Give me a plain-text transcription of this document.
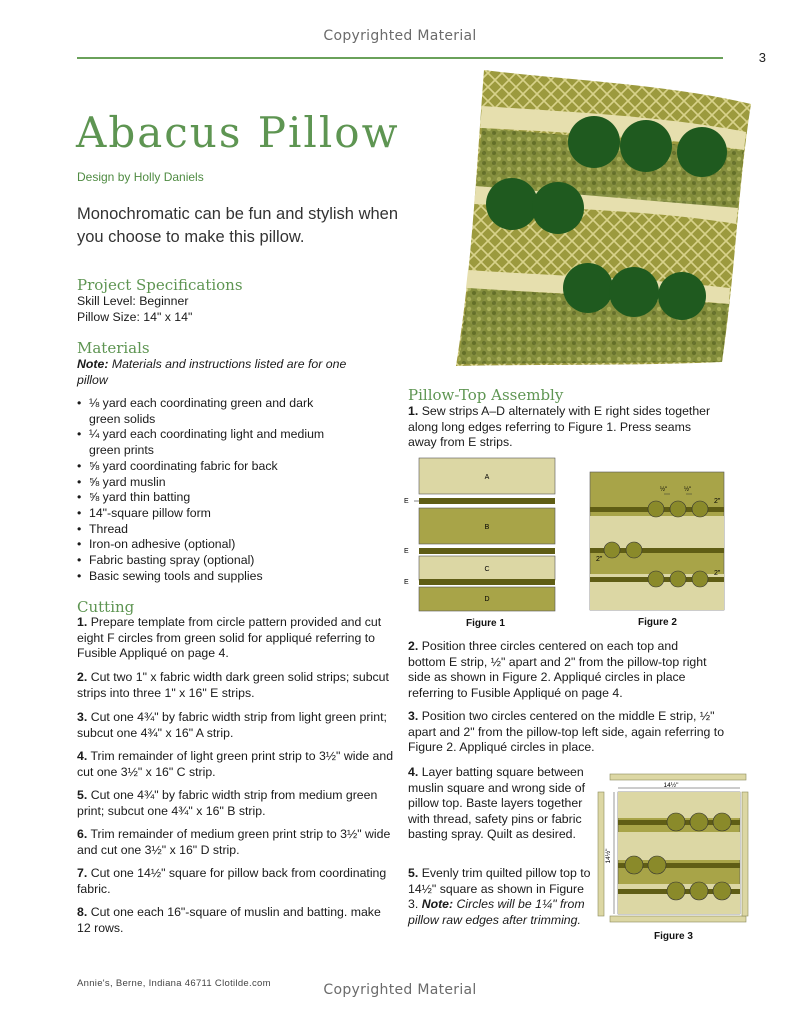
Copyrighted Material
3
Abacus Pillow
Design by Holly Daniels
Monochromatic can be fun and stylish when you choose to make this pillow.
Project Specifications
Skill Level: Beginner
Pillow Size: 14" x 14"
Materials
Note: Materials and instructions listed are for one pillow
• ⅛ yard each coordinating green and dark green solids
• ¼ yard each coordinating light and medium green prints
• ⅝ yard coordinating fabric for back
• ⅝ yard muslin
• ⅝ yard thin batting
• 14"-square pillow form
• Thread
• Iron-on adhesive (optional)
• Fabric basting spray (optional)
• Basic sewing tools and supplies
Cutting
1. Prepare template from circle pattern provided and cut eight F circles from green solid for appliqué referring to Fusible Appliqué on page 4.
2. Cut two 1" x fabric width dark green solid strips; subcut strips into three 1" x 16" E strips.
3. Cut one 4¾" by fabric width strip from light green print; subcut one 4¾" x 16" A strip.
4. Trim remainder of light green print strip to 3½" wide and cut one 3½" x 16" C strip.
5. Cut one 4¾" by fabric width strip from medium green print; subcut one 4¾" x 16" B strip.
6. Trim remainder of medium green print strip to 3½" wide and cut one 3½" x 16" D strip.
7. Cut one 14½" square for pillow back from coordinating fabric.
8. Cut one each 16"-square of muslin and batting. make 12 rows.
Pillow-Top Assembly
1. Sew strips A–D alternately with E right sides together along long edges referring to Figure 1. Press seams away from E strips.
A
E
B
E
C
E
D
Figure 1
½"	½"
2"
2"
2"
Figure 2
2. Position three circles centered on each top and bottom E strip, ½" apart and 2" from the pillow-top right side as shown in Figure 2. Appliqué circles in place referring to Fusible Appliqué on page 4.
3. Position two circles centered on the middle E strip, ½" apart and 2" from the pillow-top left side, again referring to Figure 2. Appliqué circles in place.
4. Layer batting square between muslin square and wrong side of pillow top. Baste layers together with thread, safety pins or fabric basting spray. Quilt as desired.
5. Evenly trim quilted pillow top to 14½" square as shown in Figure 3. Note: Circles will be 1¼" from pillow raw edges after trimming.
14½"
14½"
Figure 3
Annie's, Berne, Indiana 46711 Clotilde.com	Copyrighted Material
